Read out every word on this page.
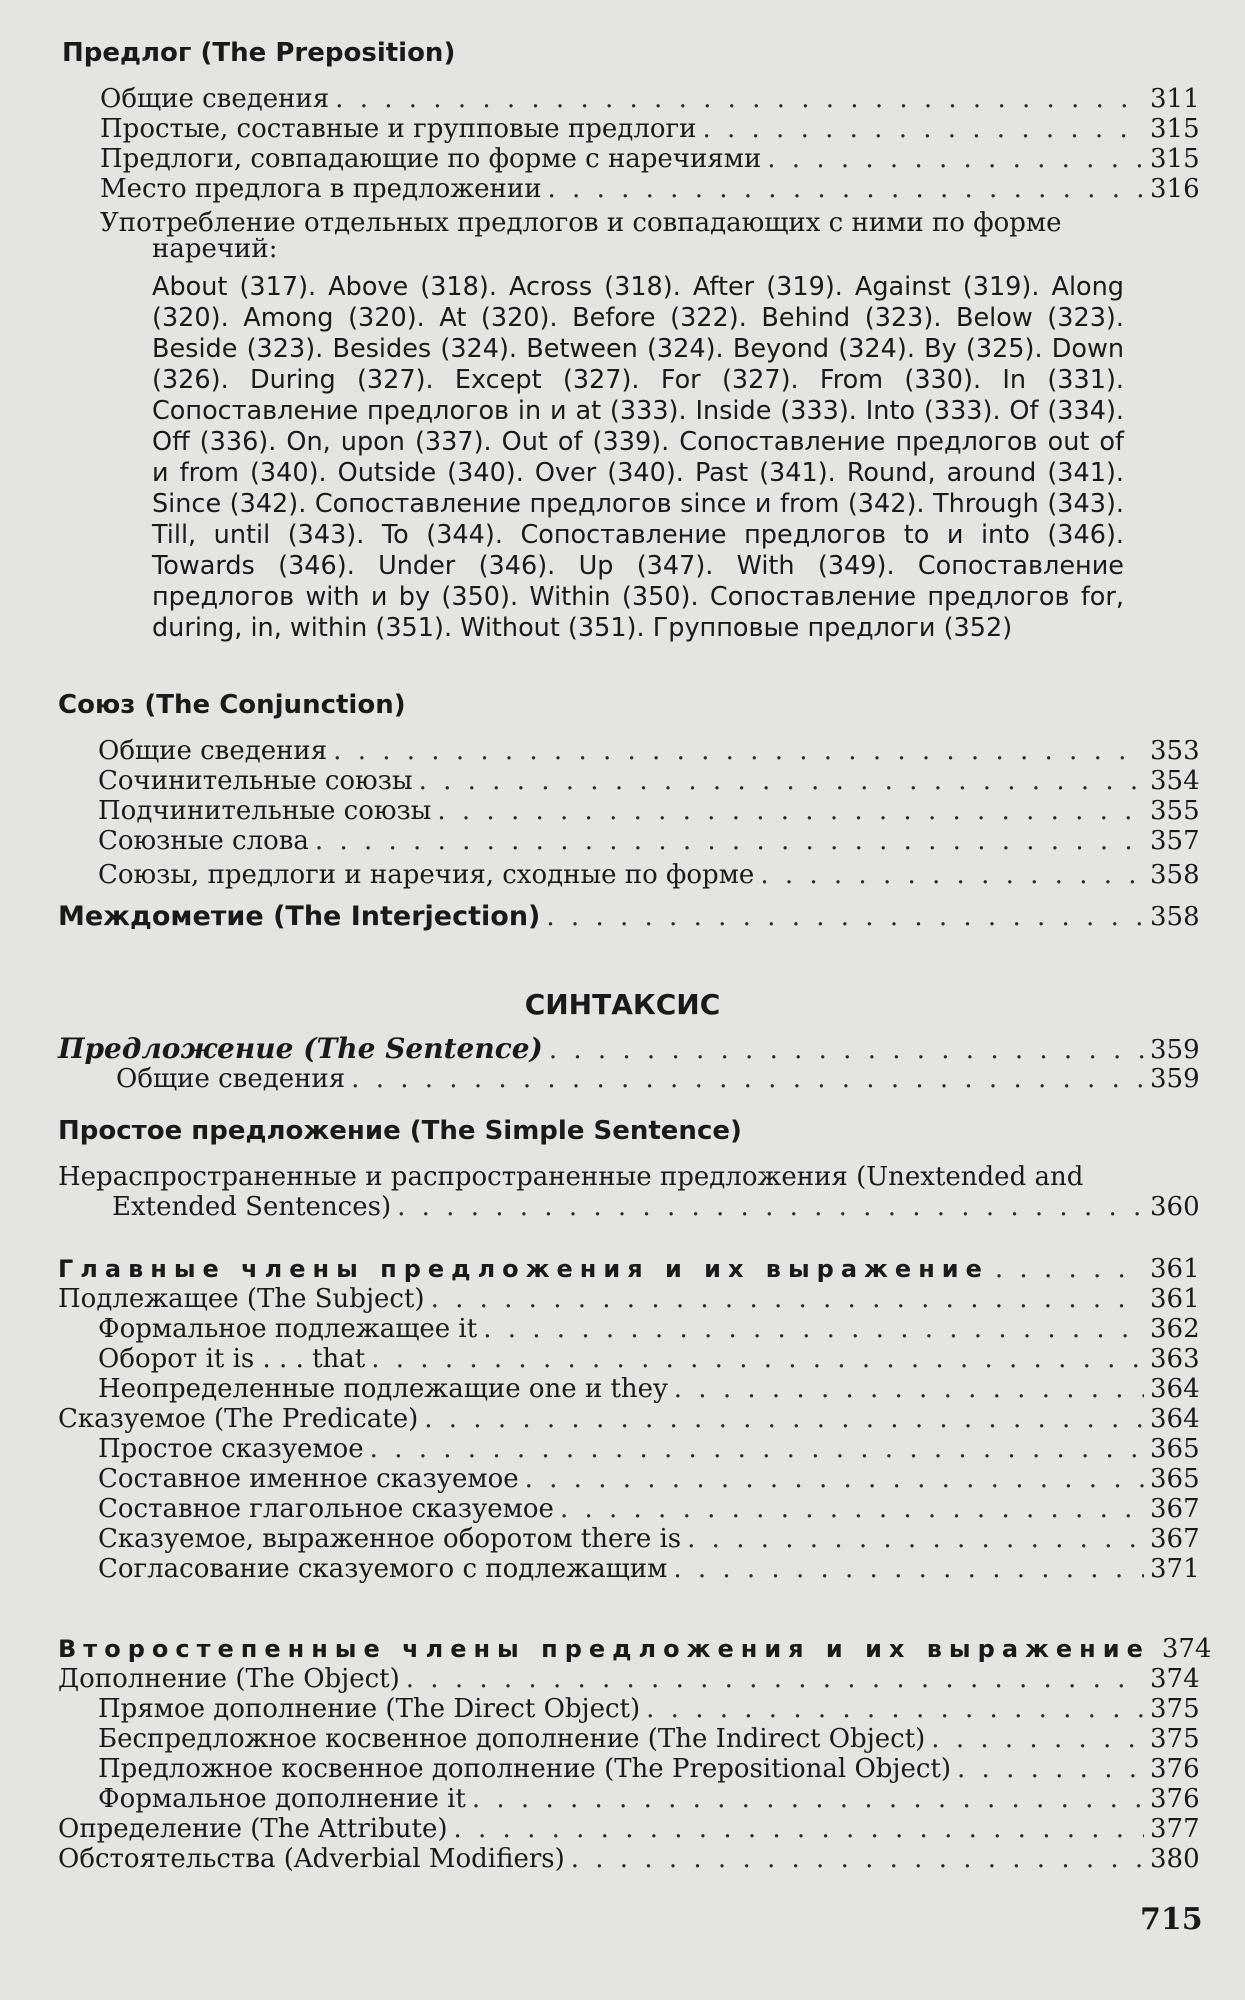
Предлог (The Preposition)
Общие сведения . . .	311
Простые, составные и групповые предлоги . . .	315
Предлоги, совпадающие по форме с наречиями . . .	315
Место предлога в предложении . . .	316
Употребление отдельных предлогов и совпадающих с ними по форме
наречий:
About (317). Above (318). Across (318). After (319). Against (319). Along (320). Among (320). At (320). Before (322). Behind (323). Below (323). Beside (323). Besides (324). Between (324). Beyond (324). By (325). Down (326). During (327). Except (327). For (327). From (330). In (331). Сопоставление предлогов in и at (333). Inside (333). Into (333). Of (334). Off (336). On, upon (337). Out of (339). Сопоставление предлогов out of и from (340). Outside (340). Over (340). Past (341). Round, around (341). Since (342). Сопоставление предлогов since и from (342). Through (343). Till, until (343). To (344). Сопоставление предлогов to и into (346). Towards (346). Under (346). Up (347). With (349). Сопоставление предлогов with и by (350). Within (350). Сопоставление предлогов for, during, in, within (351). Without (351). Групповые предлоги (352)
Союз (The Conjunction)
Общие сведения . . .	353
Сочинительные союзы . . .	354
Подчинительные союзы . . .	355
Союзные слова . . .	357
Союзы, предлоги и наречия, сходные по форме . . .	358
Междометие (The Interjection) . . .	358
СИНТАКСИС
Предложение (The Sentence) . . .	359
Общие сведения . . .	359
Простое предложение (The Simple Sentence)
Нераспространенные и распространенные предложения (Unextended and
Extended Sentences) . . .	360
Главные члены предложения и их выражение . . .	361
Подлежащее (The Subject) . . .	361
Формальное подлежащее it . . .	362
Оборот it is . . . that . . .	363
Неопределенные подлежащие one и they . . .	364
Сказуемое (The Predicate) . . .	364
Простое сказуемое . . .	365
Составное именное сказуемое . . .	365
Составное глагольное сказуемое . . .	367
Сказуемое, выраженное оборотом there is . . .	367
Согласование сказуемого с подлежащим . . .	371
Второстепенные члены предложения и их выражение 374
Дополнение (The Object) . . .	374
Прямое дополнение (The Direct Object) . . .	375
Беспредложное косвенное дополнение (The Indirect Object) . . .	375
Предложное косвенное дополнение (The Prepositional Object) . . .	376
Формальное дополнение it . . .	376
Определение (The Attribute) . . .	377
Обстоятельства (Adverbial Modifiers) . . .	380
715
